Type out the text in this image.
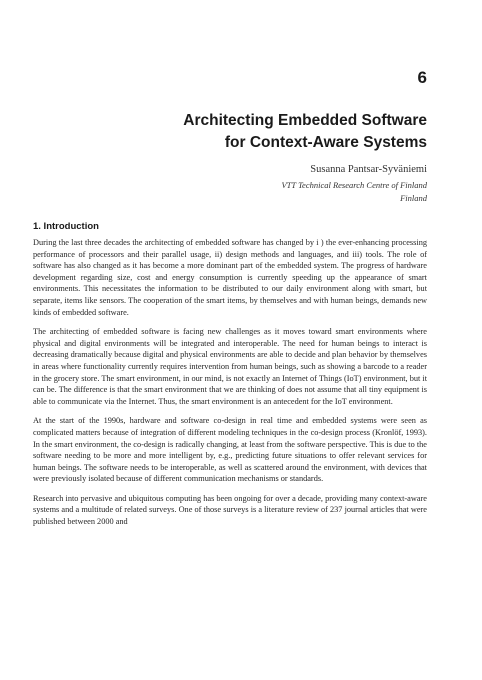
6
Architecting Embedded Software
for Context-Aware Systems
Susanna Pantsar-Syväniemi
VTT Technical Research Centre of Finland
Finland
1. Introduction

During the last three decades the architecting of embedded software has changed by i ) the ever-enhancing processing performance of processors and their parallel usage, ii) design methods and languages, and iii) tools. The role of software has also changed as it has become a more dominant part of the embedded system. The progress of hardware development regarding size, cost and energy consumption is currently speeding up the appearance of smart environments. This necessitates the information to be distributed to our daily environment along with smart, but separate, items like sensors. The cooperation of the smart items, by themselves and with human beings, demands new kinds of embedded software.

The architecting of embedded software is facing new challenges as it moves toward smart environments where physical and digital environments will be integrated and interoperable. The need for human beings to interact is decreasing dramatically because digital and physical environments are able to decide and plan behavior by themselves in areas where functionality currently requires intervention from human beings, such as showing a barcode to a reader in the grocery store. The smart environment, in our mind, is not exactly an Internet of Things (IoT) environment, but it can be. The difference is that the smart environment that we are thinking of does not assume that all tiny equipment is able to communicate via the Internet. Thus, the smart environment is an antecedent for the IoT environment.

At the start of the 1990s, hardware and software co-design in real time and embedded systems were seen as complicated matters because of integration of different modeling techniques in the co-design process (Kronlöf, 1993). In the smart environment, the co-design is radically changing, at least from the software perspective. This is due to the software needing to be more and more intelligent by, e.g., predicting future situations to offer relevant services for human beings. The software needs to be interoperable, as well as scattered around the environment, with devices that were previously isolated because of different communication mechanisms or standards.

Research into pervasive and ubiquitous computing has been ongoing for over a decade, providing many context-aware systems and a multitude of related surveys. One of those surveys is a literature review of 237 journal articles that were published between 2000 and
